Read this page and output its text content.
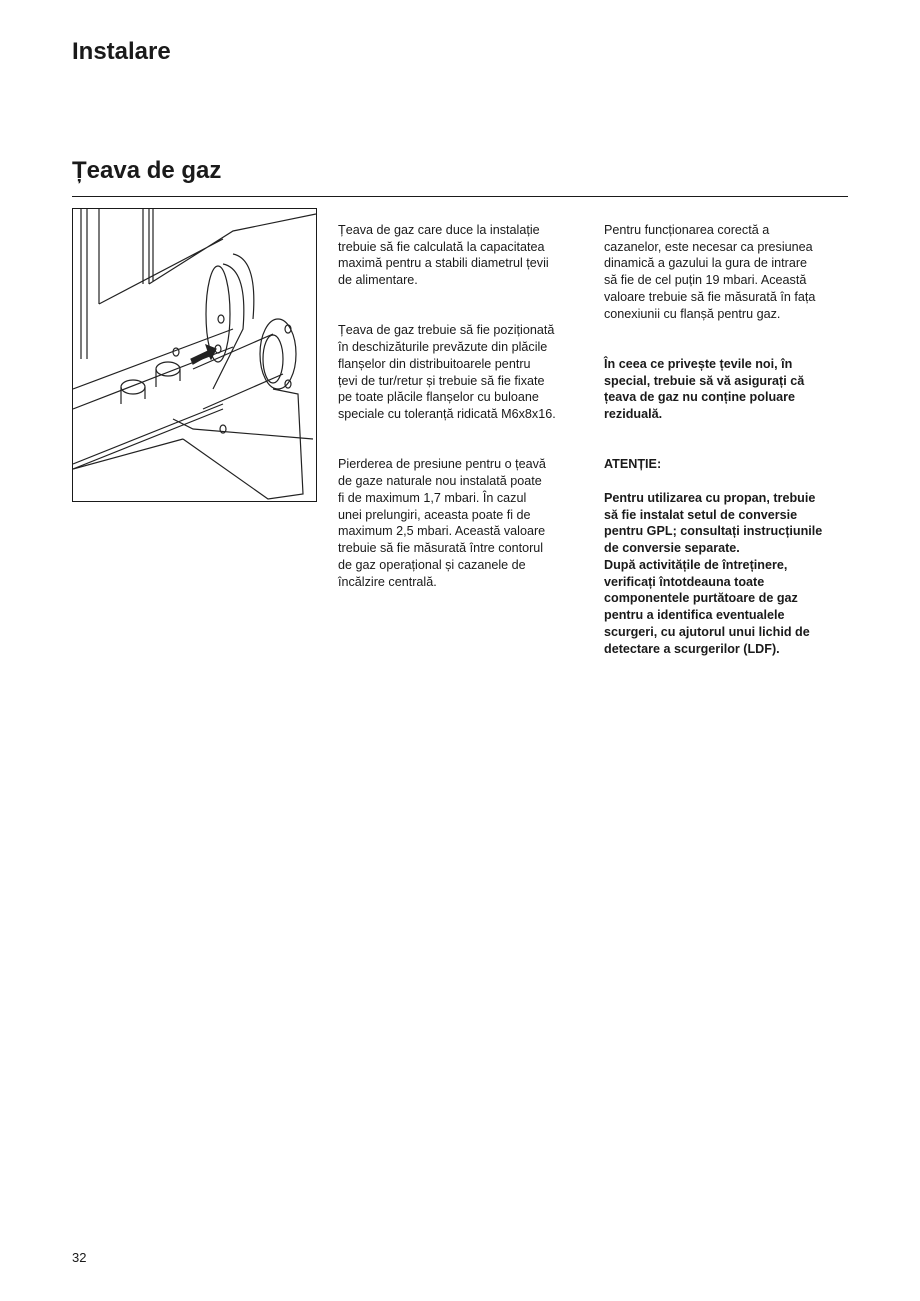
Instalare
Țeava de gaz

Țeava de gaz care duce la instalație
trebuie să fie calculată la capacitatea
maximă pentru a stabili diametrul țevii
de alimentare.

Țeava de gaz trebuie să fie poziționată
în deschizăturile prevăzute din plăcile
flanșelor din distribuitoarele pentru
țevi de tur/retur și trebuie să fie fixate
pe toate plăcile flanșelor cu buloane
speciale cu toleranță ridicată M6x8x16.

Pierderea de presiune pentru o țeavă
de gaze naturale nou instalată poate
fi de maximum 1,7 mbari. În cazul
unei prelungiri, aceasta poate fi de
maximum 2,5 mbari. Această valoare
trebuie să fie măsurată între contorul
de gaz operațional și cazanele de
încălzire centrală.

Pentru funcționarea corectă a
cazanelor, este necesar ca presiunea
dinamică a gazului la gura de intrare
să fie de cel puțin 19 mbari. Această
valoare trebuie să fie măsurată în fața
conexiunii cu flanșă pentru gaz.

În ceea ce privește țevile noi, în
special, trebuie să vă asigurați că
țeava de gaz nu conține poluare
reziduală.

ATENȚIE:

Pentru utilizarea cu propan, trebuie
să fie instalat setul de conversie
pentru GPL; consultați instrucțiunile
de conversie separate.
După activitățile de întreținere,
verificați întotdeauna toate
componentele purtătoare de gaz
pentru a identifica eventualele
scurgeri, cu ajutorul unui lichid de
detectare a scurgerilor (LDF).

32
